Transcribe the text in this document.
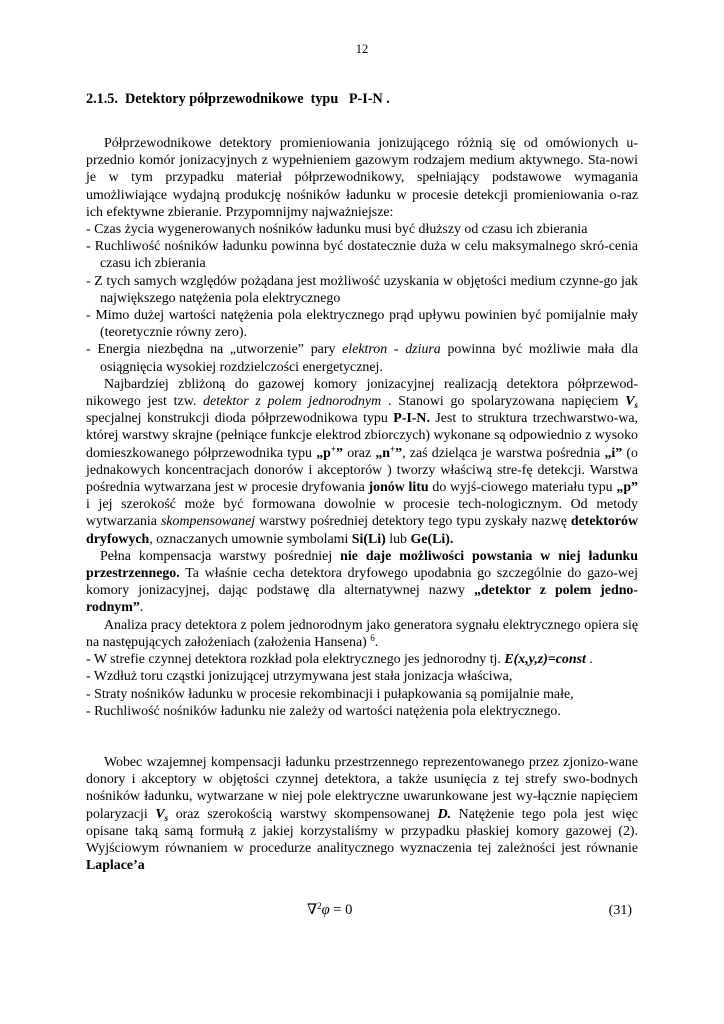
12
2.1.5.  Detektory półprzewodnikowe  typu   P-I-N .

Półprzewodnikowe detektory promieniowania jonizującego różnią się od omówionych u-przednio komór jonizacyjnych z wypełnieniem gazowym rodzajem medium aktywnego. Sta-nowi je w tym przypadku materiał półprzewodnikowy, spełniający podstawowe wymagania umożliwiające wydajną produkcję nośników ładunku w procesie detekcji promieniowania o-raz ich efektywne zbieranie. Przypomnijmy najważniejsze:

- Czas życia wygenerowanych nośników ładunku musi być dłuższy od czasu ich zbierania

- Ruchliwość nośników ładunku powinna być dostatecznie duża w celu maksymalnego skró-cenia czasu ich zbierania

- Z tych samych względów pożądana jest możliwość uzyskania w objętości medium czynne-go jak największego natężenia pola elektrycznego

- Mimo dużej wartości natężenia pola elektrycznego prąd upływu powinien być pomijalnie mały (teoretycznie równy zero).

- Energia niezbędna na „utworzenie” pary elektron - dziura powinna być możliwie mała dla osiągnięcia wysokiej rozdzielczości energetycznej.

Najbardziej zbliżoną do gazowej komory jonizacyjnej realizacją detektora półprzewod-nikowego jest tzw. detektor z polem jednorodnym . Stanowi go spolaryzowana napięciem $V_s$ specjalnej konstrukcji dioda półprzewodnikowa typu P-I-N. Jest to struktura trzechwarstwo-wa, której warstwy skrajne (pełniące funkcje elektrod zbiorczych) wykonane są odpowiednio z wysoko domieszkowanego półprzewodnika typu „p+” oraz „n+”, zaś dzieląca je warstwa pośrednia „i” (o jednakowych koncentracjach donorów i akceptorów ) tworzy właściwą stre-fę detekcji. Warstwa pośrednia wytwarzana jest w procesie dryfowania jonów litu do wyjś-ciowego materiału typu „p” i jej szerokość może być formowana dowolnie w procesie tech-nologicznym. Od metody wytwarzania skompensowanej warstwy pośredniej detektory tego typu zyskały nazwę detektorów dryfowych, oznaczanych umownie symbolami Si(Li) lub Ge(Li).

Pełna kompensacja warstwy pośredniej nie daje możliwości powstania w niej ładunku przestrzennego. Ta właśnie cecha detektora dryfowego upodabnia go szczególnie do gazo-wej komory jonizacyjnej, dając podstawę dla alternatywnej nazwy „detektor z polem jedno-rodnym”.

Analiza pracy detektora z polem jednorodnym jako generatora sygnału elektrycznego opiera się na następujących założeniach (założenia Hansena) $^6$.

- W strefie czynnej detektora rozkład pola elektrycznego jes jednorodny tj. E(x,y,z)=const .

- Wzdłuż toru cząstki jonizującej utrzymywana jest stała jonizacja właściwa,

- Straty nośników ładunku w procesie rekombinacji i pułapkowania są pomijalnie małe,

- Ruchliwość nośników ładunku nie zależy od wartości natężenia pola elektrycznego.

Wobec wzajemnej kompensacji ładunku przestrzennego reprezentowanego przez zjonizo-wane donory i akceptory w objętości czynnej detektora, a także usunięcia z tej strefy swo-bodnych nośników ładunku, wytwarzane w niej pole elektryczne uwarunkowane jest wy-łącznie napięciem polaryzacji $V_s$ oraz szerokością warstwy skompensowanej D. Natężenie tego pola jest więc opisane taką samą formułą z jakiej korzystaliśmy w przypadku płaskiej komory gazowej (2). Wyjściowym równaniem w procedurze analitycznego wyznaczenia tej zależności jest równanie Laplace’a

∇$^2$φ = 0	(31)
